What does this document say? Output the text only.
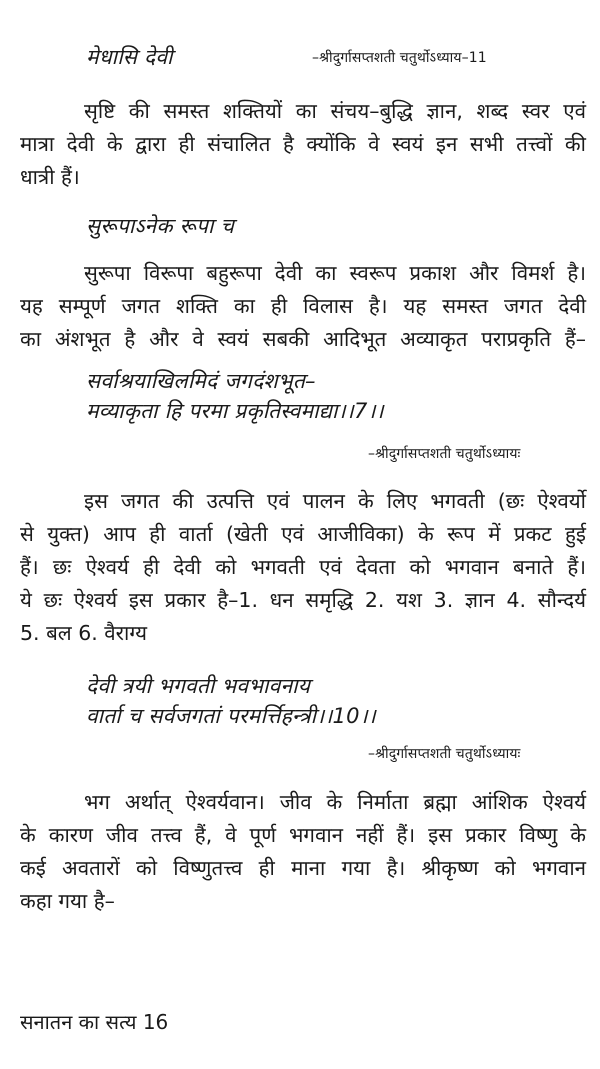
मेधासि देवी	–श्रीदुर्गासप्तशती चतुर्थोऽध्याय–11
सृष्टि की समस्त शक्तियों का संचय–बुद्धि ज्ञान, शब्द स्वर एवं
मात्रा देवी के द्वारा ही संचालित है क्योंकि वे स्वयं इन सभी तत्त्वों की
धात्री हैं।
सुरूपाऽनेक रूपा च
सुरूपा विरूपा बहुरूपा देवी का स्वरूप प्रकाश और विमर्श है।
यह सम्पूर्ण जगत शक्ति का ही विलास है। यह समस्त जगत देवी
का अंशभूत है और वे स्वयं सबकी आदिभूत अव्याकृत पराप्रकृति हैं–
सर्वाश्रयाखिलमिदं जगदंशभूत–
मव्याकृता हि परमा प्रकृतिस्वमाद्या।।7।।
–श्रीदुर्गासप्तशती चतुर्थोऽध्यायः
इस जगत की उत्पत्ति एवं पालन के लिए भगवती (छः ऐश्वर्यो
से युक्त) आप ही वार्ता (खेती एवं आजीविका) के रूप में प्रकट हुई
हैं। छः ऐश्वर्य ही देवी को भगवती एवं देवता को भगवान बनाते हैं।
ये छः ऐश्वर्य इस प्रकार है–1. धन समृद्धि 2. यश 3. ज्ञान 4. सौन्दर्य
5. बल 6. वैराग्य
देवी त्रयी भगवती भवभावनाय
वार्ता च सर्वजगतां परमर्त्तिहन्त्री।।10।।
–श्रीदुर्गासप्तशती चतुर्थोऽध्यायः
भग अर्थात् ऐश्वर्यवान। जीव के निर्माता ब्रह्मा आंशिक ऐश्वर्य
के कारण जीव तत्त्व हैं, वे पूर्ण भगवान नहीं हैं। इस प्रकार विष्णु के
कई अवतारों को विष्णुतत्त्व ही माना गया है। श्रीकृष्ण को भगवान
कहा गया है–
सनातन का सत्य 16
